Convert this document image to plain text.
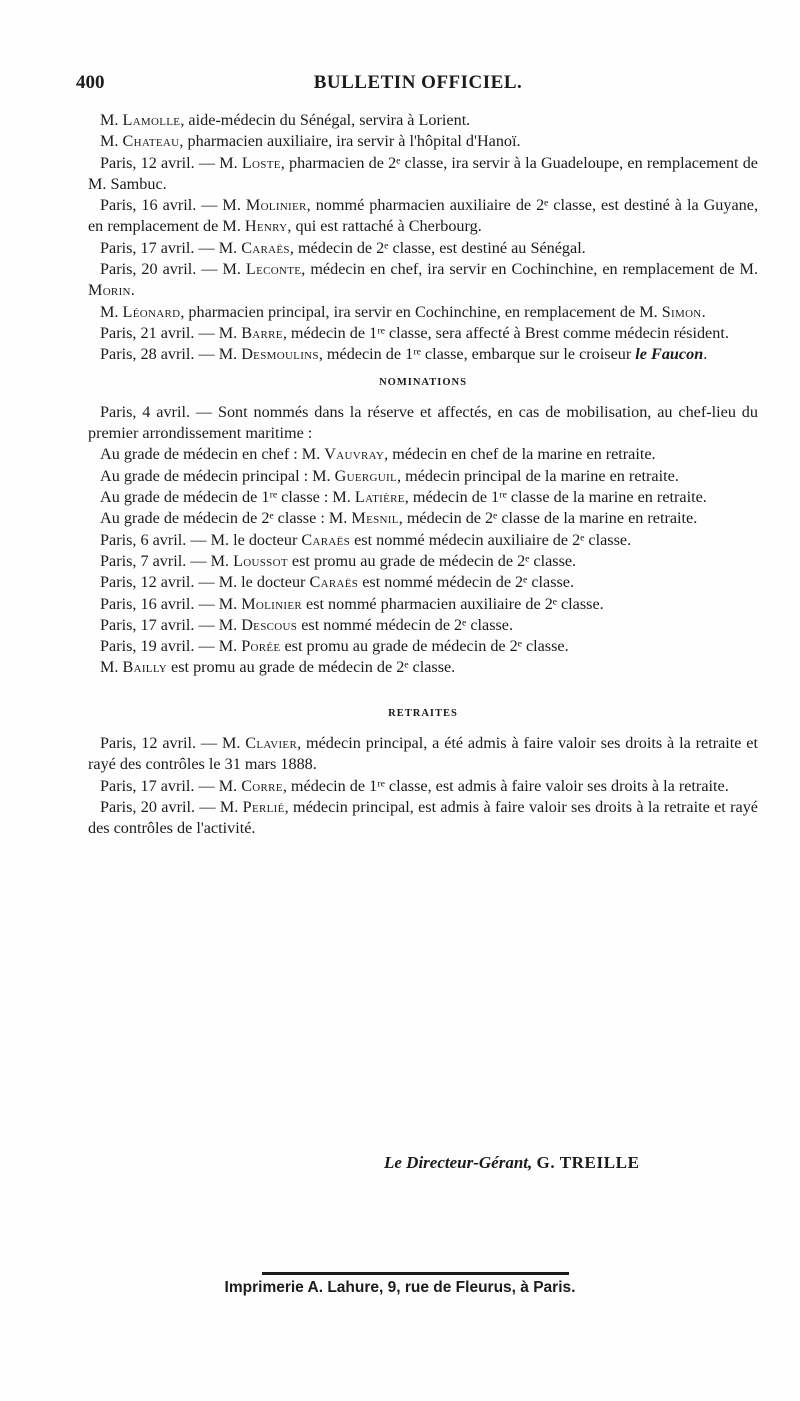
400	BULLETIN OFFICIEL.

M. Lamolle, aide-médecin du Sénégal, servira à Lorient.

M. Chateau, pharmacien auxiliaire, ira servir à l'hôpital d'Hanoï.

Paris, 12 avril. — M. Loste, pharmacien de 2ᵉ classe, ira servir à la Guadeloupe, en remplacement de M. Sambuc.

Paris, 16 avril. — M. Molinier, nommé pharmacien auxiliaire de 2ᵉ classe, est destiné à la Guyane, en remplacement de M. Henry, qui est rattaché à Cherbourg.

Paris, 17 avril. — M. Caraës, médecin de 2ᵉ classe, est destiné au Sénégal.

Paris, 20 avril. — M. Leconte, médecin en chef, ira servir en Cochinchine, en remplacement de M. Morin.

M. Léonard, pharmacien principal, ira servir en Cochinchine, en remplacement de M. Simon.

Paris, 21 avril. — M. Barre, médecin de 1ʳᵉ classe, sera affecté à Brest comme médecin résident.

Paris, 28 avril. — M. Desmoulins, médecin de 1ʳᵉ classe, embarque sur le croiseur le Faucon.

NOMINATIONS

Paris, 4 avril. — Sont nommés dans la réserve et affectés, en cas de mobilisation, au chef-lieu du premier arrondissement maritime :

Au grade de médecin en chef : M. Vauvray, médecin en chef de la marine en retraite.

Au grade de médecin principal : M. Guerguil, médecin principal de la marine en retraite.

Au grade de médecin de 1ʳᵉ classe : M. Latière, médecin de 1ʳᵉ classe de la marine en retraite.

Au grade de médecin de 2ᵉ classe : M. Mesnil, médecin de 2ᵉ classe de la marine en retraite.

Paris, 6 avril. — M. le docteur Caraës est nommé médecin auxiliaire de 2ᵉ classe.

Paris, 7 avril. — M. Loussot est promu au grade de médecin de 2ᵉ classe.

Paris, 12 avril. — M. le docteur Caraës est nommé médecin de 2ᵉ classe.

Paris, 16 avril. — M. Molinier est nommé pharmacien auxiliaire de 2ᵉ classe.

Paris, 17 avril. — M. Descous est nommé médecin de 2ᵉ classe.

Paris, 19 avril. — M. Porée est promu au grade de médecin de 2ᵉ classe.

M. Bailly est promu au grade de médecin de 2ᵉ classe.

RETRAITES

Paris, 12 avril. — M. Clavier, médecin principal, a été admis à faire valoir ses droits à la retraite et rayé des contrôles le 31 mars 1888.

Paris, 17 avril. — M. Corre, médecin de 1ʳᵉ classe, est admis à faire valoir ses droits à la retraite.

Paris, 20 avril. — M. Perlié, médecin principal, est admis à faire valoir ses droits à la retraite et rayé des contrôles de l'activité.

Le Directeur-Gérant, G. TREILLE
Imprimerie A. Lahure, 9, rue de Fleurus, à Paris.
